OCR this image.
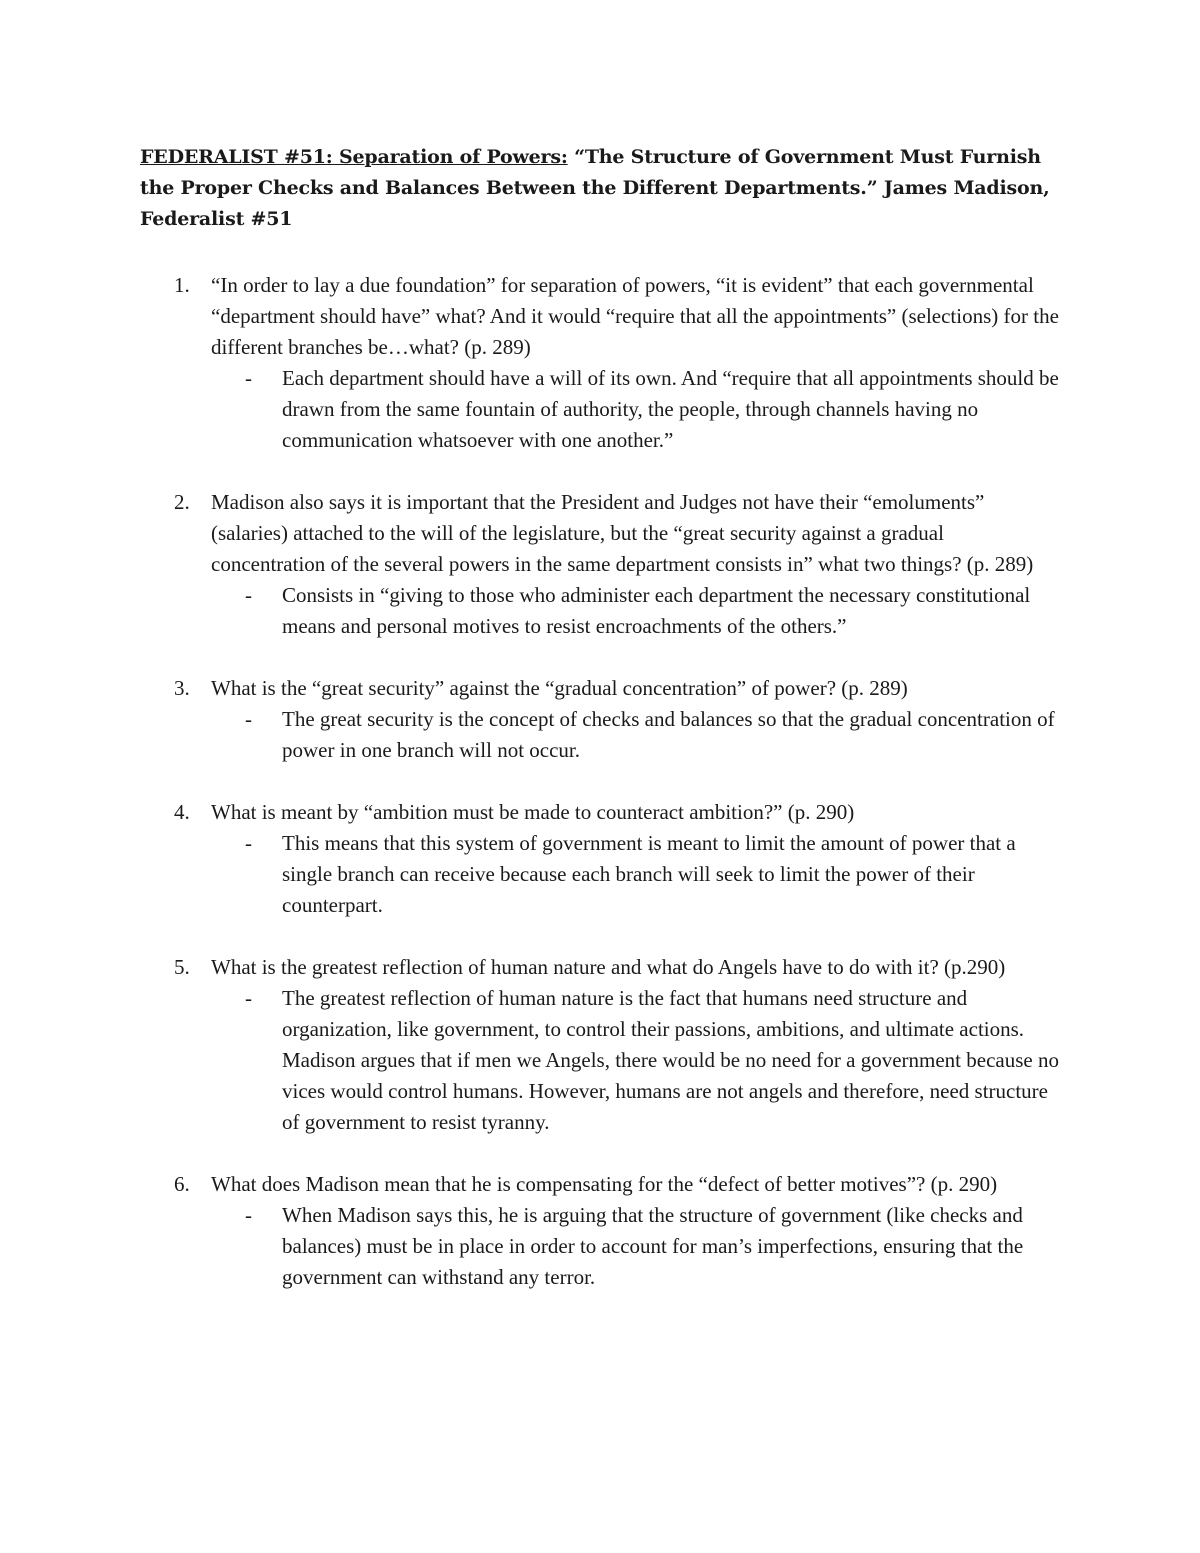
FEDERALIST #51: Separation of Powers: “The Structure of Government Must Furnish the Proper Checks and Balances Between the Different Departments.” James Madison, Federalist #51
1. “In order to lay a due foundation” for separation of powers, “it is evident” that each governmental “department should have” what? And it would “require that all the appointments” (selections) for the different branches be…what? (p. 289)

- Each department should have a will of its own. And “require that all appointments should be drawn from the same fountain of authority, the people, through channels having no communication whatsoever with one another.”

2. Madison also says it is important that the President and Judges not have their “emoluments” (salaries) attached to the will of the legislature, but the “great security against a gradual concentration of the several powers in the same department consists in” what two things? (p. 289)

- Consists in “giving to those who administer each department the necessary constitutional means and personal motives to resist encroachments of the others.”

3. What is the “great security” against the “gradual concentration” of power? (p. 289)

- The great security is the concept of checks and balances so that the gradual concentration of power in one branch will not occur.

4. What is meant by “ambition must be made to counteract ambition?” (p. 290)

- This means that this system of government is meant to limit the amount of power that a single branch can receive because each branch will seek to limit the power of their counterpart.

5. What is the greatest reflection of human nature and what do Angels have to do with it? (p.290)

- The greatest reflection of human nature is the fact that humans need structure and organization, like government, to control their passions, ambitions, and ultimate actions. Madison argues that if men we Angels, there would be no need for a government because no vices would control humans. However, humans are not angels and therefore, need structure of government to resist tyranny.

6. What does Madison mean that he is compensating for the “defect of better motives”? (p. 290)

- When Madison says this, he is arguing that the structure of government (like checks and balances) must be in place in order to account for man’s imperfections, ensuring that the government can withstand any terror.
